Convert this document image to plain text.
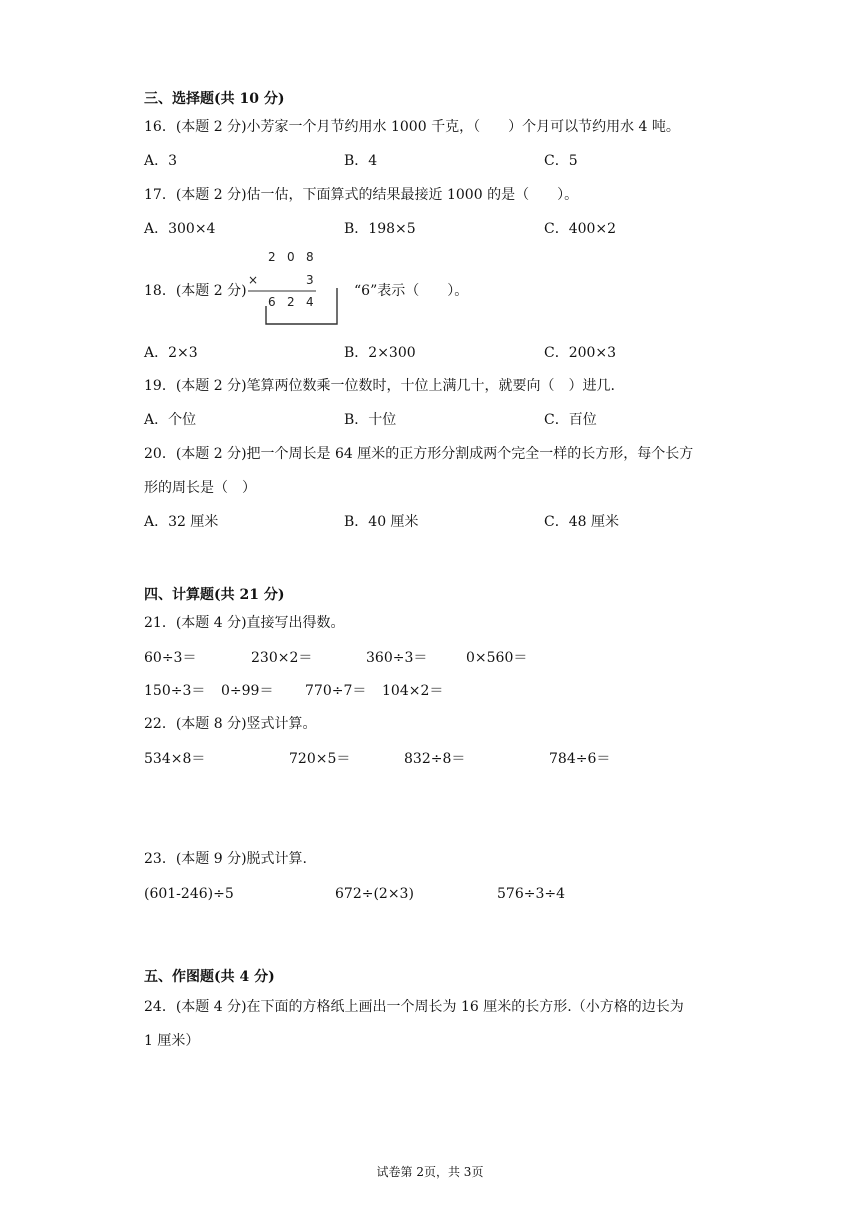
三、选择题(共 10 分)
16．(本题 2 分)小芳家一个月节约用水 1000 千克，（　　）个月可以节约用水 4 吨。
A．3	B．4	C．5
17．(本题 2 分)估一估，下面算式的结果最接近 1000 的是（　　）。
A．300×4	B．198×5	C．400×2
18．(本题 2 分)
2 0 8
×	3
6 2 4
“6”表示（　　）。
A．2×3	B．2×300	C．200×3
19．(本题 2 分)笔算两位数乘一位数时，十位上满几十，就要向（　）进几.
A．个位	B．十位	C．百位
20．(本题 2 分)把一个周长是 64 厘米的正方形分割成两个完全一样的长方形，每个长方
形的周长是（　）
A．32 厘米	B．40 厘米	C．48 厘米
四、计算题(共 21 分)
21．(本题 4 分)直接写出得数。
60÷3＝	230×2＝	360÷3＝	0×560＝
150÷3＝ 0÷99＝ 770÷7＝ 104×2＝
22．(本题 8 分)竖式计算。
534×8＝	720×5＝	832÷8＝	784÷6＝
23．(本题 9 分)脱式计算.
(601-246)÷5	672÷(2×3)	576÷3÷4
五、作图题(共 4 分)
24．(本题 4 分)在下面的方格纸上画出一个周长为 16 厘米的长方形.（小方格的边长为
1 厘米）
试卷第 2页，共 3页
